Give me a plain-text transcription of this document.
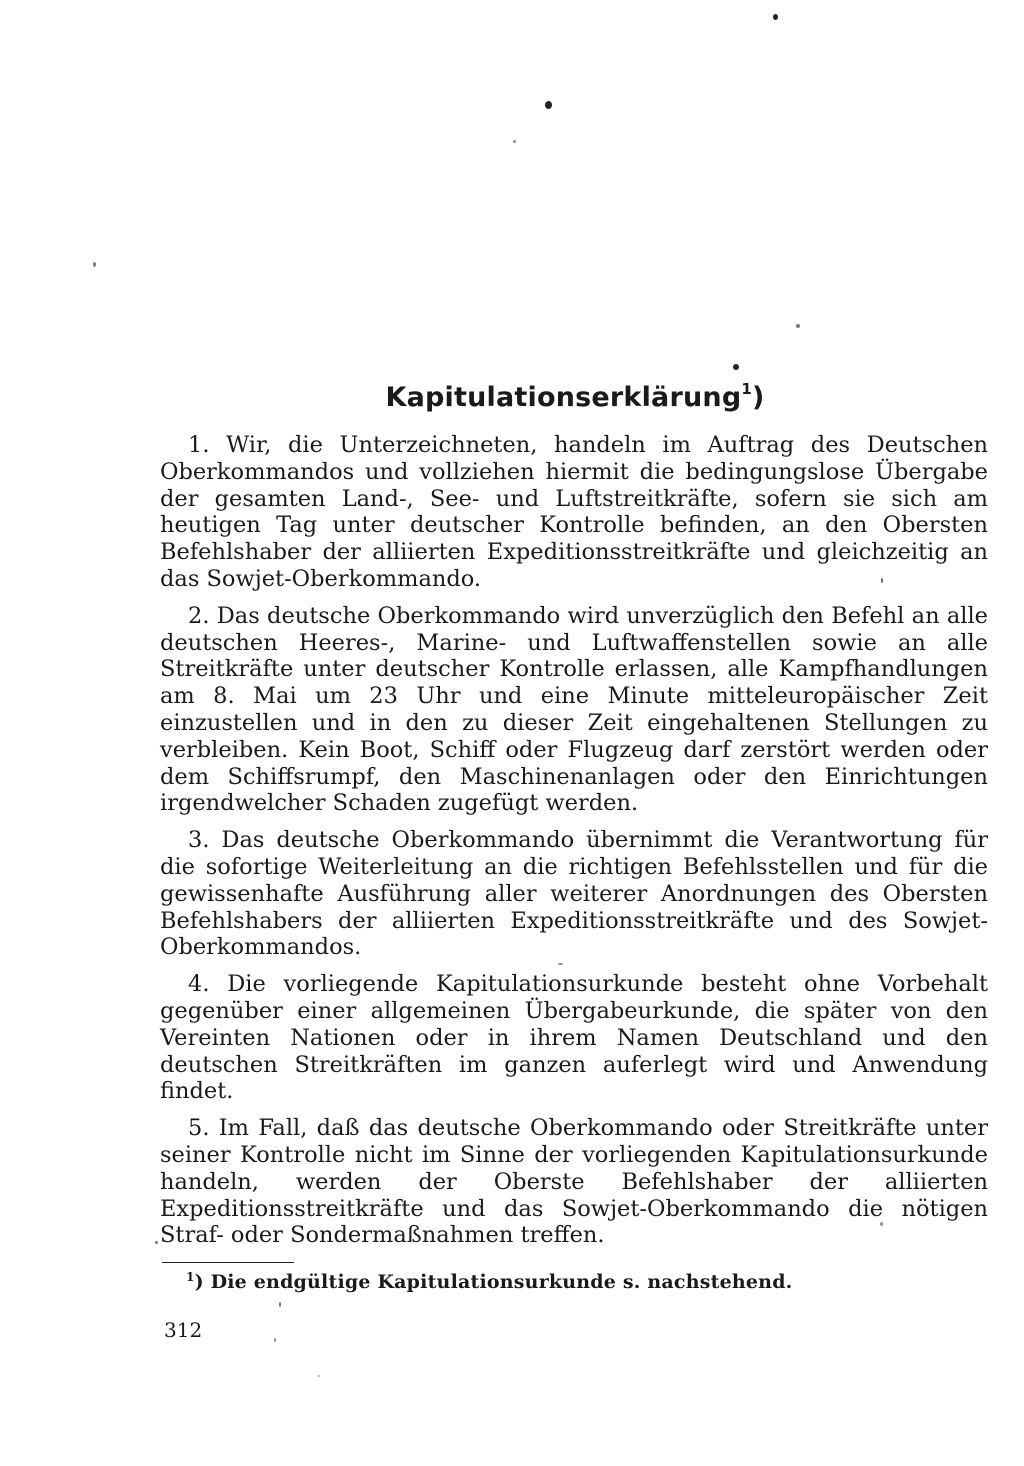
Kapitulationserklärung$^1$)

1. Wir, die Unterzeichneten, handeln im Auftrag des Deutschen Oberkommandos und vollziehen hiermit die bedingungslose Übergabe der gesamten Land-, See- und Luftstreitkräfte, sofern sie sich am heutigen Tag unter deutscher Kontrolle befinden, an den Obersten Befehlshaber der alliierten Expeditionsstreitkräfte und gleichzeitig an das Sowjet-Oberkommando.

2. Das deutsche Oberkommando wird unverzüglich den Befehl an alle deutschen Heeres-, Marine- und Luftwaffenstellen sowie an alle Streitkräfte unter deutscher Kontrolle erlassen, alle Kampfhandlungen am 8. Mai um 23 Uhr und eine Minute mitteleuropäischer Zeit einzustellen und in den zu dieser Zeit eingehaltenen Stellungen zu verbleiben. Kein Boot, Schiff oder Flugzeug darf zerstört werden oder dem Schiffsrumpf, den Maschinenanlagen oder den Einrichtungen irgendwelcher Schaden zugefügt werden.

3. Das deutsche Oberkommando übernimmt die Verantwortung für die sofortige Weiterleitung an die richtigen Befehlsstellen und für die gewissenhafte Ausführung aller weiterer Anordnungen des Obersten Befehlshabers der alliierten Expeditionsstreitkräfte und des Sowjet-Oberkommandos.

4. Die vorliegende Kapitulationsurkunde besteht ohne Vorbehalt gegenüber einer allgemeinen Übergabeurkunde, die später von den Vereinten Nationen oder in ihrem Namen Deutschland und den deutschen Streitkräften im ganzen auferlegt wird und Anwendung findet.

5. Im Fall, daß das deutsche Oberkommando oder Streitkräfte unter seiner Kontrolle nicht im Sinne der vorliegenden Kapitulationsurkunde handeln, werden der Oberste Befehlshaber der alliierten Expeditionsstreitkräfte und das Sowjet-Oberkommando die nötigen Straf- oder Sondermaßnahmen treffen.

$^1$) Die endgültige Kapitulationsurkunde s. nachstehend.
312
